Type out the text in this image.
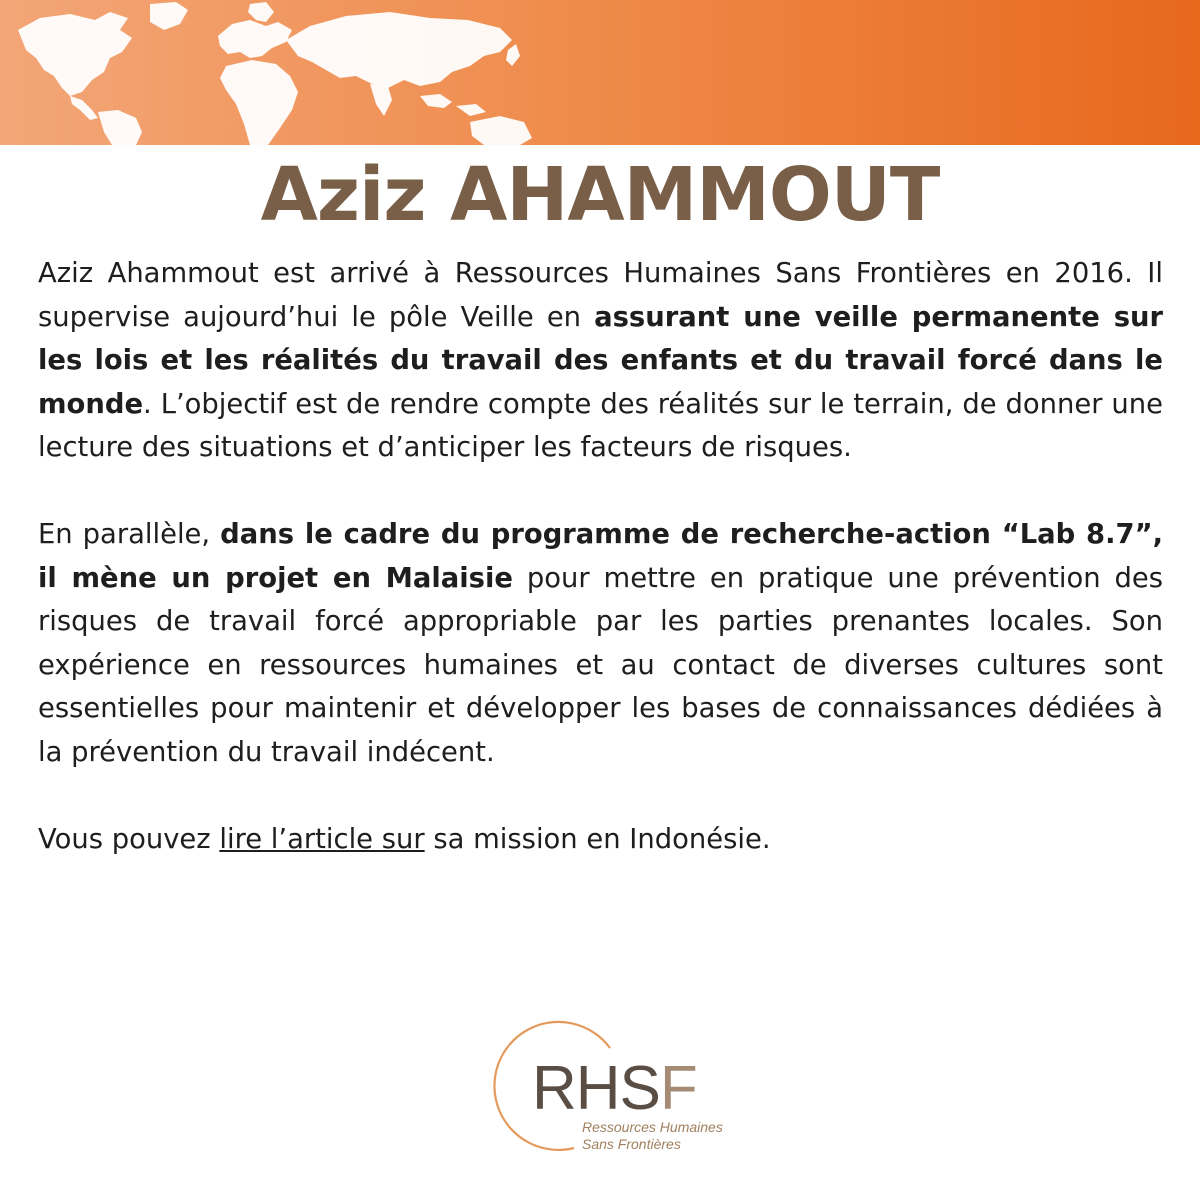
Aziz AHAMMOUT

Aziz Ahammout est arrivé à Ressources Humaines Sans Frontières en 2016. Il supervise aujourd’hui le pôle Veille en assurant une veille permanente sur les lois et les réalités du travail des enfants et du travail forcé dans le monde. L’objectif est de rendre compte des réalités sur le terrain, de donner une lecture des situations et d’anticiper les facteurs de risques.

En parallèle, dans le cadre du programme de recherche-action “Lab 8.7”, il mène un projet en Malaisie pour mettre en pratique une prévention des risques de travail forcé appropriable par les parties prenantes locales. Son expérience en ressources humaines et au contact de diverses cultures sont essentielles pour maintenir et développer les bases de connaissances dédiées à la prévention du travail indécent.

Vous pouvez lire l’article sur sa mission en Indonésie.

RHSF
Ressources Humaines
Sans Frontières
